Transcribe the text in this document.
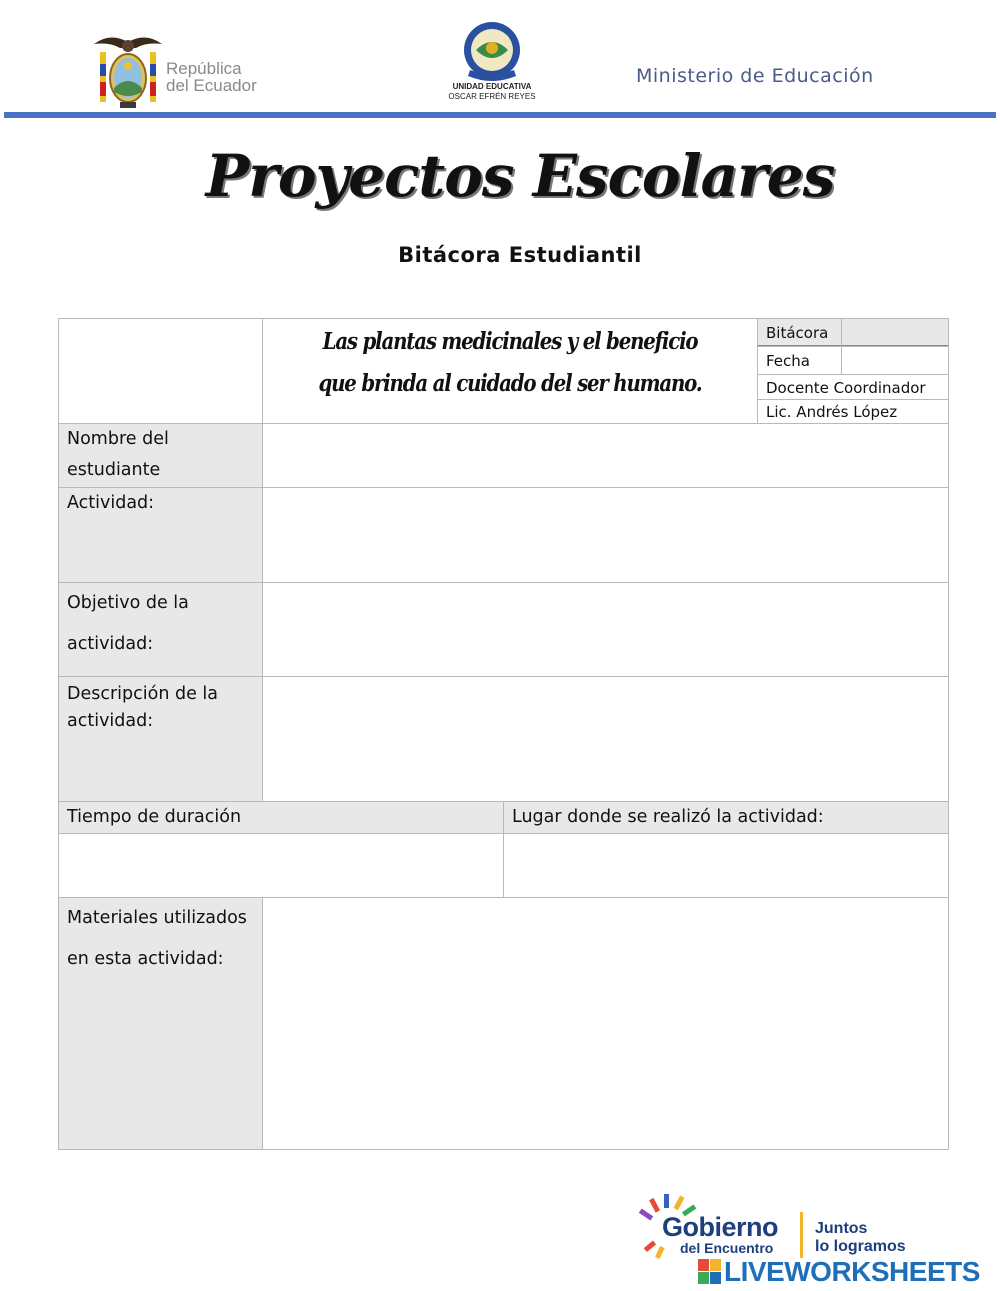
República
del Ecuador	UNIDAD EDUCATIVA
OSCAR EFRÉN REYES
Ministerio de Educación
Proyectos Escolares
Bitácora Estudiantil
Las plantas medicinales y el beneficio que brinda al cuidado del ser humano.
Bitácora
Fecha
Docente Coordinador
Lic. Andrés López
Nombre del estudiante
Actividad:
Objetivo de la actividad:
Descripción de la actividad:
Tiempo de duración	Lugar donde se realizó la actividad:
Materiales utilizados en esta actividad:
Gobierno
del Encuentro
Juntos
lo logramos
LIVEWORKSHEETS
